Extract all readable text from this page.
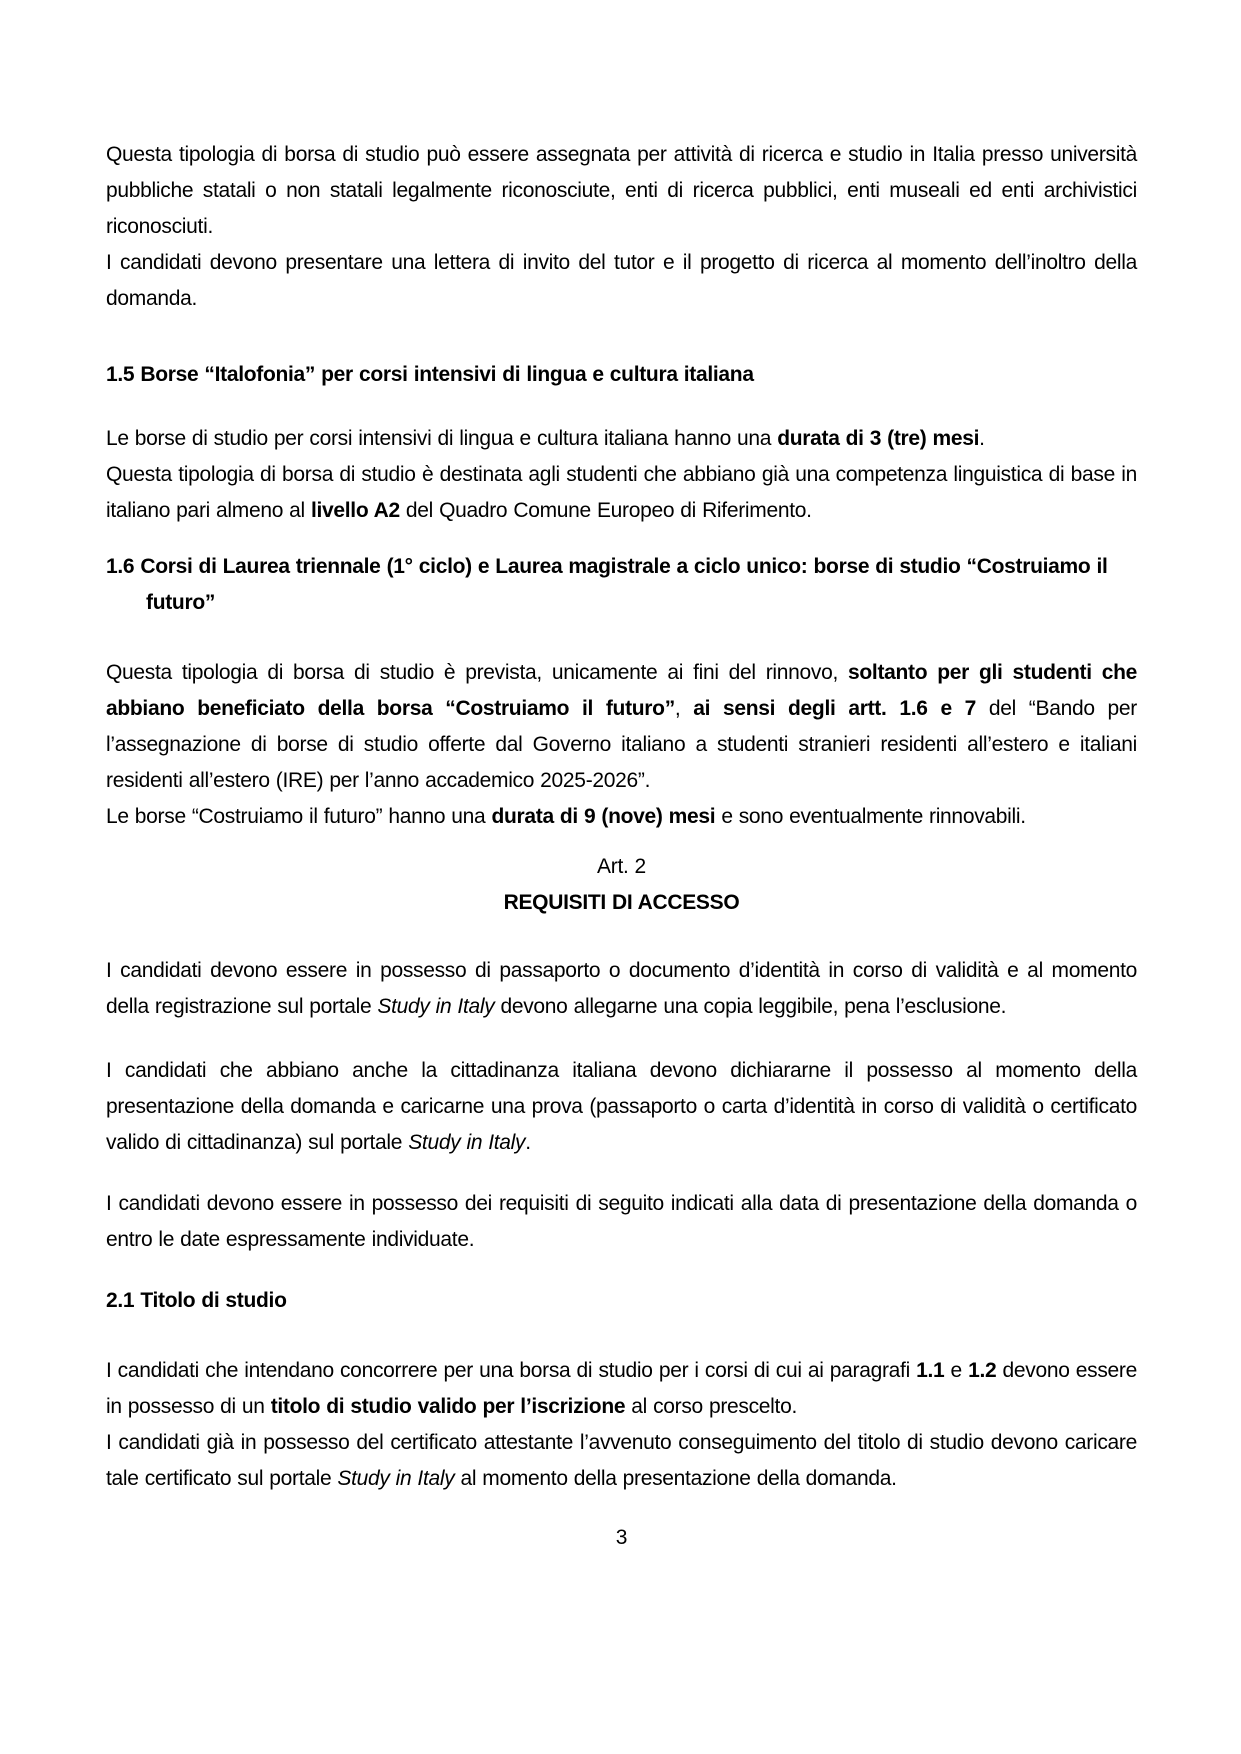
Questa tipologia di borsa di studio può essere assegnata per attività di ricerca e studio in Italia presso università pubbliche statali o non statali legalmente riconosciute, enti di ricerca pubblici, enti museali ed enti archivistici riconosciuti.
I candidati devono presentare una lettera di invito del tutor e il progetto di ricerca al momento dell’inoltro della domanda.
1.5 Borse “Italofonia” per corsi intensivi di lingua e cultura italiana
Le borse di studio per corsi intensivi di lingua e cultura italiana hanno una durata di 3 (tre) mesi.
Questa tipologia di borsa di studio è destinata agli studenti che abbiano già una competenza linguistica di base in italiano pari almeno al livello A2 del Quadro Comune Europeo di Riferimento.
1.6 Corsi di Laurea triennale (1° ciclo) e Laurea magistrale a ciclo unico: borse di studio “Costruiamo il futuro”
Questa tipologia di borsa di studio è prevista, unicamente ai fini del rinnovo, soltanto per gli studenti che abbiano beneficiato della borsa “Costruiamo il futuro”, ai sensi degli artt. 1.6 e 7 del “Bando per l’assegnazione di borse di studio offerte dal Governo italiano a studenti stranieri residenti all’estero e italiani residenti all’estero (IRE) per l’anno accademico 2025-2026”.
Le borse “Costruiamo il futuro” hanno una durata di 9 (nove) mesi e sono eventualmente rinnovabili.
Art. 2
REQUISITI DI ACCESSO
I candidati devono essere in possesso di passaporto o documento d’identità in corso di validità e al momento della registrazione sul portale Study in Italy devono allegarne una copia leggibile, pena l’esclusione.
I candidati che abbiano anche la cittadinanza italiana devono dichiararne il possesso al momento della presentazione della domanda e caricarne una prova (passaporto o carta d’identità in corso di validità o certificato valido di cittadinanza) sul portale Study in Italy.
I candidati devono essere in possesso dei requisiti di seguito indicati alla data di presentazione della domanda o entro le date espressamente individuate.
2.1 Titolo di studio
I candidati che intendano concorrere per una borsa di studio per i corsi di cui ai paragrafi 1.1 e 1.2 devono essere in possesso di un titolo di studio valido per l’iscrizione al corso prescelto.
I candidati già in possesso del certificato attestante l’avvenuto conseguimento del titolo di studio devono caricare tale certificato sul portale Study in Italy al momento della presentazione della domanda.
3
